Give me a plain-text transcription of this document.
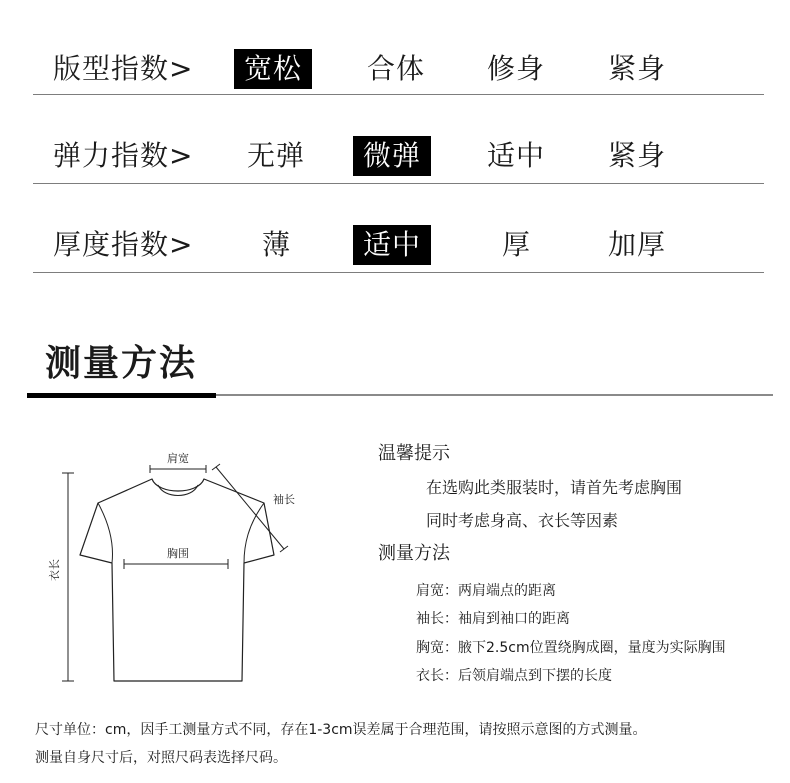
版型指数>	宽松	合体	修身	紧身
弹力指数>	无弹	微弹	适中	紧身
厚度指数>	薄	适中	厚	加厚
测量方法
肩宽
袖长
胸围
衣长
温馨提示
在选购此类服装时，请首先考虑胸围
同时考虑身高、衣长等因素
测量方法
肩宽：两肩端点的距离
袖长：袖肩到袖口的距离
胸宽：腋下2.5cm位置绕胸成圈，量度为实际胸围
衣长：后领肩端点到下摆的长度
尺寸单位：cm，因手工测量方式不同，存在1-3cm误差属于合理范围，请按照示意图的方式测量。
测量自身尺寸后，对照尺码表选择尺码。
